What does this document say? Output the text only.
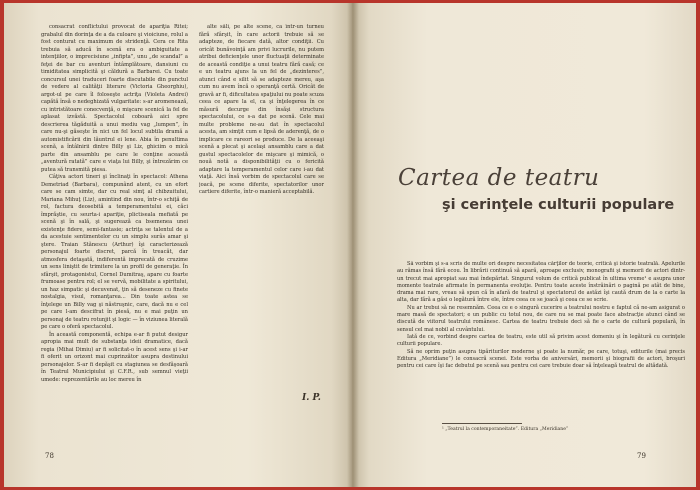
consacrat conflictului provocat de apariţia Ritei; grabalul din dorinţa de a da culoare şi vioiciune, rolul a fost conturat cu maximum de stridenţă. Cera ce Rita trebuia să aducă în scenă era o ambiguitate a intenţiilor, o imprecisiune „infipta”, unu „de scandal” a feţei de bar cu aventuri întâmplătoare, dansiuni cu timiditatea simplicită şi căldură a Barbarei. Cu toate concursul unei traduceri foarte discutabile din punctul de vedere al calităţii literare (Victoria Gheorghiu), argot-ul pe care îl foloseşte actriţa (Violeta Andrei) capătă însă o nedeghizată vulgaritate: s-ar aromenează, cu intristătoare conecvenţă, o mişcare scenică la fel de aplasat izvăstă. Spectacolul coboară aici spre descrierea tăgăduită a unui mediu vag „lumpen”, în care nu-şi găseşte în nici un fel locul subtila dramă a automistificării din lăuntrul ei lene. Abia în penultima scenă, a întâlnirii dintre Billy şi Liz, ghiciim o mică parte din ansamblu pe care le conţine această „aventură ratată” care e viaţa lui Billy, şi întrezărim ce putea să transmită piesa.

Câţiva actori tineri şi înclinaţi în spectacol: Athena Demetriad (Barbara), compunând atent, cu un efort care se cam simte, dar cu real simţ al chibzuitului, Mariana Mihuţ (Liz), amintind din nou, într-o schiţă de rol, factura deosebită a temperamentului ei, căci împrăştie, cu seurta-i apariţie, plictiseala mefiată pe scenă şi în sală, şi sugerează ca bsemenea unei existenţe fidere, semi-fantasie; actriţa se talentul de a da acestuie sentimentelor cu un simplu surâs amar şi ştere. Traian Stănescu (Arthur) îşi caracterizează personajul foarte discret, parcă în treacăt, dar atmosfera detaşată, indiferentă imprecată de cruzime un sens liniştit de trimitere la un profil de generaţie. În sfârşit, protagonistul, Cornel Dumitraş, apare cu foarte frumoase pentru rol; el se vervă, mobilitate a spiritului, un haz simpatic şi decuvenat, ţin să deseneze cu finete nostalgia, visul, romanţarea... Din toate astea se înţelege un Billy vag şi năstruşnic, care, dacă nu e cel pe care l-am descifrat în piesă, nu e mai puţin un personaj de teatru rotunjit şi logic — în viziunea literală pe care o oferă spectacolul.

În această componentă, echipa e-ar fi putut desigur apropia mai mult de substanţa ideii dramatice, dacă regia (Mihai Dimiu) ar fi solicitat-o în acest sens şi i-ar fi oferit un orizont mai cuprinzător asupra destinului personajelor. S-ar fi depăşit cu stagiunea se desfăşoară în Teatrul Municipiului şi C.F.R., sub semnul vieţii umede: reprezentările au loc mereu în

alte săli, pe alte scene, ca într-un turneu fără sfârşit, în care actorii trebuie să se adapteze, de fiecare dată, altor condiţii. Cu oricât bunăvoinţă am privi lucrurile, nu putem atribui deficienţele unor fluctuaţii determinate de această condiţie a unui teatru fără casă; ce e un teatru ajuns la un fel de „dezinteres”, atunci când e silit să se adapteze mereu, aşa cum nu avem încă o speranţă certă. Oricât de gravă ar fi, dificultatea spaţiului nu poate scuza ceea ce apare la el, ca şi înţelegerea în ce măsură decurge din însăşi structura spectacolului, ce s-a dat pe scenă. Cele mai multe probleme ne-au dat în spectacolul acesta, am simţit cum e lipsă de aderenţă, de o implicare ce rareori se produce. De la aceeaşi scenă a plecat şi acelaşi ansamblu care a dat gustul spectacolelor de mişcare şi mimică, o nouă notă a disponibilităţii cu o fericită adaptare la temperamentul celor care i-au dat viaţă. Aici însă vorbim de spectacolul care se joacă, pe scene diferite, spectatorilor unor cartiere diferite, într-o manieră acceptabilă.

I. P.
78
Cartea de teatru
şi cerinţele culturii populare

Să vorbim şi s-a scris de multe ori despre necesitatea cărţilor de teorie, critică şi istorie teatrală. Apelurile au rămas însă fără ecou. În librării continuă să apară, aproape exclusiv, monografii şi memorii de actori dintr-un trecut mai apropiat sau mai îndepărtat. Singurul volum de critică publicat în ultima vreme¹ e asupra unor momente teatrale afirmate în permanenta evoluţie. Pentru toate aceste înstrăinări o pagină pe atât de bine, drama mai rare, vreau să spun că în afară de teatrul şi spectatorul de astăzi îşi caută drum de la o carte la alta, dar fără a găsi o legătură între ele, între ceea ce se joacă şi ceea ce se scrie.

Nu ar trebui să ne resemnăm. Ceea ce e o singură cucerire a teatrului nostru e faptul că ne-am asigurat o mare masă de spectatori; e un public cu totul nou, de care nu se mai poate face abstracţie atunci când se discută de viitorul teatrului românesc. Cartea de teatru trebuie deci să fie o carte de cultură populară, în sensul cel mai nobil al cuvântului.

Iată de ce, vorbind despre cartea de teatru, este util să privim acest domeniu şi în legătură cu cerinţele culturii populare.

Să ne oprim puţin asupra tipăriturilor moderne şi poate la număr, pe care, totuşi, editurile (mai precis Editura „Meridiane”) le consacră scenei. Este vorba de aniversări, memorii şi biografii de actori, broşuri pentru cei care îşi fac debutul pe scenă sau pentru cei care trebuie doar să înţeleagă teatrul de altădată.

¹ „Teatrul la contemporaneitate”. Editura „Meridiane”
79
